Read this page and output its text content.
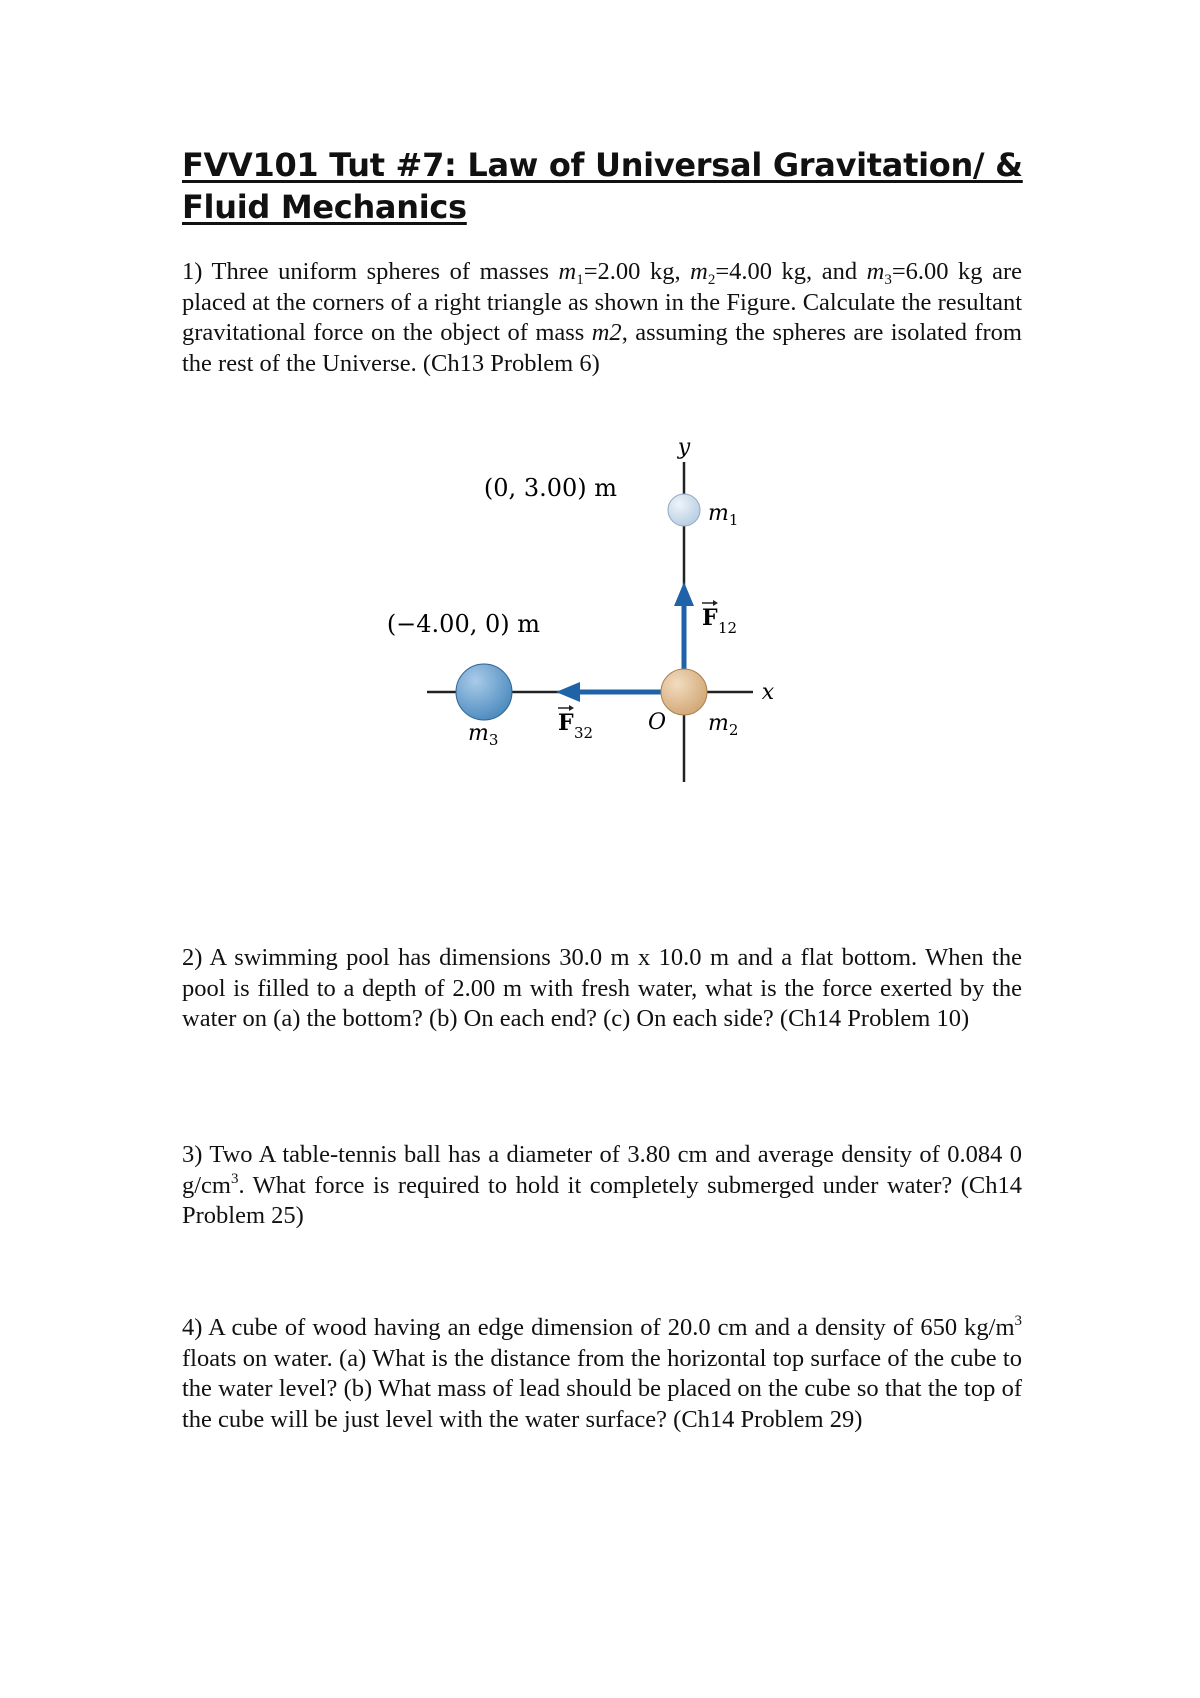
FVV101 Tut #7: Law of Universal Gravitation/ &
Fluid Mechanics

1) Three uniform spheres of masses $m_1=2.00$ kg, $m_2=4.00$ kg, and $m_3=6.00$ kg are placed at the corners of a right triangle as shown in the Figure. Calculate the resultant gravitational force on the object of mass m2, assuming the spheres are isolated from the rest of the Universe. (Ch13 Problem 6)

y
x
O
(0, 3.00) m
(−4.00, 0) m
$m_1$
$m_2$
$m_3$
F 12
F 32

2) A swimming pool has dimensions 30.0 m x 10.0 m and a flat bottom. When the pool is filled to a depth of 2.00 m with fresh water, what is the force exerted by the water on (a) the bottom? (b) On each end? (c) On each side? (Ch14 Problem 10)

3) Two A table-tennis ball has a diameter of 3.80 cm and average density of 0.084 0 $g/cm^3$. What force is required to hold it completely submerged under water? (Ch14 Problem 25)

4) A cube of wood having an edge dimension of 20.0 cm and a density of 650 $kg/m^3$ floats on water. (a) What is the distance from the horizontal top surface of the cube to the water level? (b) What mass of lead should be placed on the cube so that the top of the cube will be just level with the water surface? (Ch14 Problem 29)
